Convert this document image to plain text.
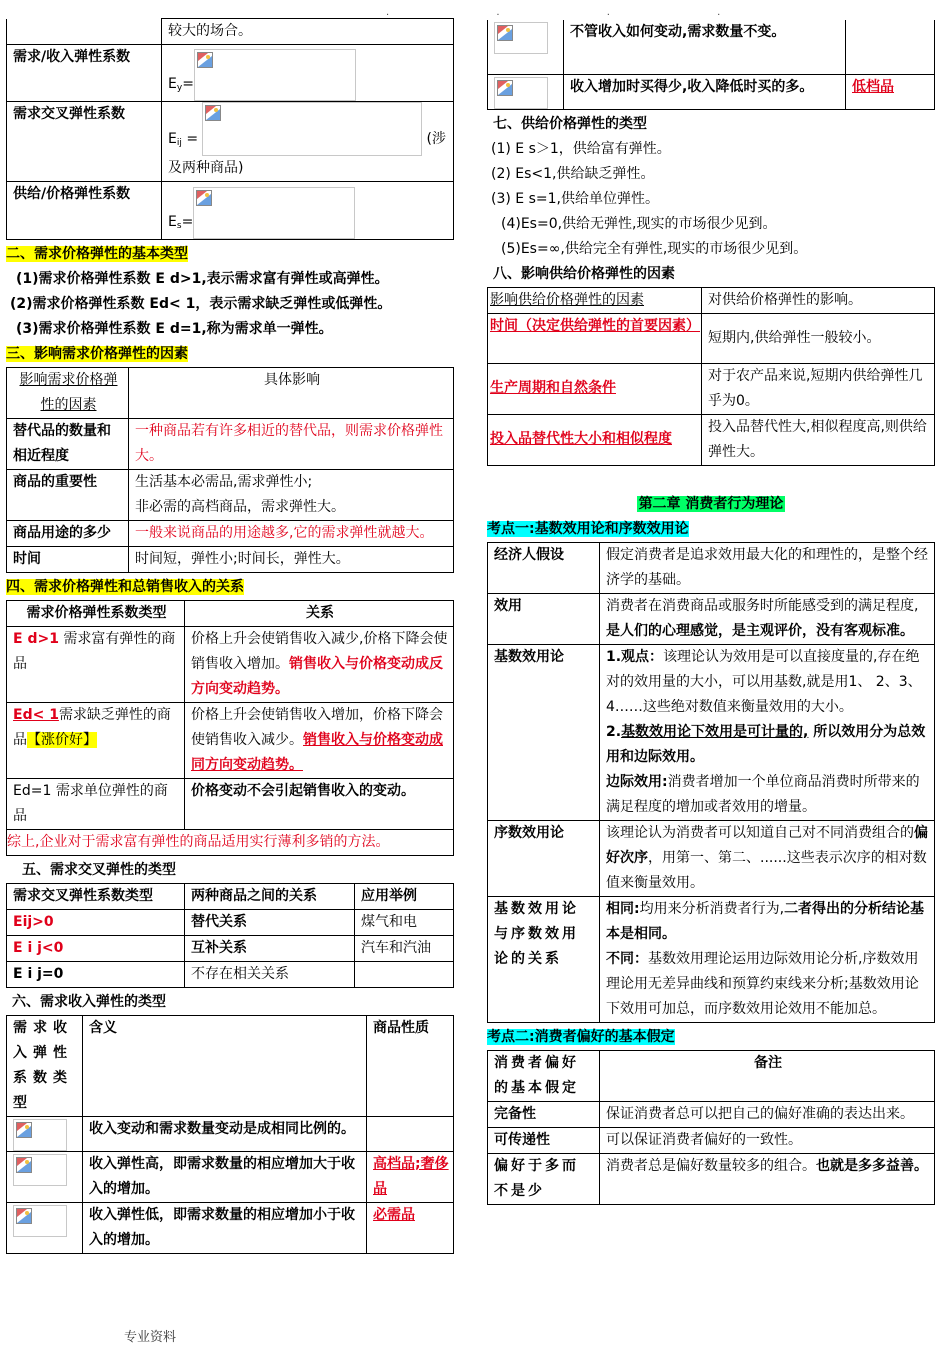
. . . .
	较大的场合。
需求/收入弹性系数	$E_y=$

需求交叉弹性系数	$E_{ij}$ = (涉
及两种商品)

供给/价格弹性系数	$E_s=$
二、需求价格弹性的基本类型
(1)需求价格弹性系数 E d>1,表示需求富有弹性或高弹性。
(2)需求价格弹性系数 Ed< 1，表示需求缺乏弹性或低弹性。
(3)需求价格弹性系数 E d=1,称为需求单一弹性。
三、影响需求价格弹性的因素
影响需求价格弹性的因素	具体影响
替代品的数量和相近程度	一种商品若有许多相近的替代品，则需求价格弹性大。
商品的重要性	生活基本必需品,需求弹性小;
非必需的高档商品，需求弹性大。

商品用途的多少	一般来说商品的用途越多,它的需求弹性就越大。
时间	时间短，弹性小;时间长，弹性大。
四、需求价格弹性和总销售收入的关系
需求价格弹性系数类型	关系
E d>1 需求富有弹性的商品	价格上升会使销售收入减少,价格下降会使销售收入增加。销售收入与价格变动成反方向变动趋势。
Ed< 1需求缺乏弹性的商品【涨价好】	价格上升会使销售收入增加，价格下降会使销售收入减少。销售收入与价格变动成同方向变动趋势。
Ed=1 需求单位弹性的商品	价格变动不会引起销售收入的变动。
综上,企业对于需求富有弹性的商品适用实行薄利多销的方法。	
五、需求交叉弹性的类型
需求交叉弹性系数类型	两种商品之间的关系	应用举例
Eij>0	替代关系	煤气和电
E i j<0	互补关系	汽车和汽油
E i j=0	不存在相关关系	
六、需求收入弹性的类型
需求收入弹性系数类型	含义	商品性质

	收入变动和需求数量变动是成相同比例的。	

	收入弹性高，即需求数量的相应增加大于收入的增加。	高档品;奢侈品

	收入弹性低，即需求数量的相应增加小于收入的增加。	必需品
	不管收入如何变动,需求数量不变。	

	收入增加时买得少,收入降低时买的多。	低档品
七、供给价格弹性的类型
(1) E s＞1，供给富有弹性。
(2) Es<1,供给缺乏弹性。
(3) E s=1,供给单位弹性。
(4)Es=0,供给无弹性,现实的市场很少见到。
(5)Es=∞,供给完全有弹性,现实的市场很少见到。
八、影响供给价格弹性的因素
影响供给价格弹性的因素	对供给价格弹性的影响。
时间（决定供给弹性的首要因素）	短期内,供给弹性一般较小。
生产周期和自然条件	对于农产品来说,短期内供给弹性几乎为0。
投入品替代性大小和相似程度	投入品替代性大,相似程度高,则供给弹性大。
第二章 消费者行为理论
考点一:基数效用论和序数效用论
经济人假设	假定消费者是追求效用最大化的和理性的，是整个经济学的基础。
效用	消费者在消费商品或服务时所能感受到的满足程度,是人们的心理感觉，是主观评价，没有客观标准。
基数效用论	1.观点：该理论认为效用是可以直接度量的,存在绝对的效用量的大小，可以用基数,就是用1、 2、3、4……这些绝对数值来衡量效用的大小。
2.基数效用论下效用是可计量的, 所以效用分为总效用和边际效用。
边际效用:消费者增加一个单位商品消费时所带来的满足程度的增加或者效用的增量。

序数效用论	该理论认为消费者可以知道自己对不同消费组合的偏好次序，用第一、第二、......这些表示次序的相对数值来衡量效用。
基数效用论与序数效用论的关系	相同:均用来分析消费者行为,二者得出的分析结论基本是相同。
不同：基数效用理论运用边际效用论分析,序数效用理论用无差异曲线和预算约束线来分析;基数效用论下效用可加总，而序数效用论效用不能加总。
考点二:消费者偏好的基本假定
消费者偏好的基本假定	备注
完备性	保证消费者总可以把自己的偏好准确的表达出来。
可传递性	可以保证消费者偏好的一致性。
偏好于多而不是少	消费者总是偏好数量较多的组合。也就是多多益善。
专业资料
